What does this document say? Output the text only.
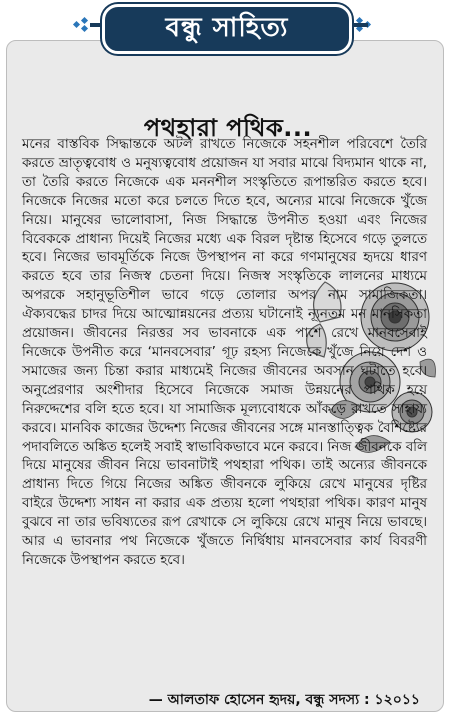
বন্ধু সাহিত্য
পথহারা পথিক...

মনের বাস্তবিক সিদ্ধান্তকে অটল রাখতে নিজেকে সহনশীল পরিবেশে তৈরি করতে ভ্রাতৃত্ববোধ ও মনুষ্যত্ববোধ প্রয়োজন যা সবার মাঝে বিদ্যমান থাকে না, তা তৈরি করতে নিজেকে এক মননশীল সংস্কৃতিতে রূপান্তরিত করতে হবে। নিজেকে নিজের মতো করে চলতে দিতে হবে, অন্যের মাঝে নিজেকে খুঁজে নিয়ে। মানুষের ভালোবাসা, নিজ সিদ্ধান্তে উপনীত হওয়া এবং নিজের বিবেককে প্রাধান্য দিয়েই নিজের মধ্যে এক বিরল দৃষ্টান্ত হিসেবে গড়ে তুলতে হবে। নিজের ভাবমূর্তিকে নিজে উপস্থাপন না করে গণমানুষের হৃদয়ে ধারণ করতে হবে তার নিজস্ব চেতনা দিয়ে। নিজস্ব সংস্কৃতিকে লালনের মাধ্যমে অপরকে সহানুভূতিশীল ভাবে গড়ে তোলার অপর নাম সামাজিকতা। ঐক্যবদ্ধের চাদর দিয়ে আত্মোন্নয়নের প্রত্যয় ঘটানোই ন্যূনতম মন মানসিকতা প্রয়োজন। জীবনের নিরত্তর সব ভাবনাকে এক পাশে রেখে মানবসেবাই নিজেকে উপনীত করে ‘মানবসেবার’ গূঢ় রহস্য নিজেকে খুঁজে নিয়ে দেশ ও সমাজের জন্য চিন্তা করার মাধ্যমেই নিজের জীবনের অবসান ঘটাতে হবে। অনুপ্রেরণার অংশীদার হিসেবে নিজেকে সমাজ উন্নয়নের পথিক হয়ে নিরুদ্দেশের বলি হতে হবে। যা সামাজিক মূল্যবোধকে আঁকড়ে রাখতে সাহায্য করবে। মানবিক কাজের উদ্দেশ্য নিজের জীবনের সঙ্গে মানস্তাত্ত্বিক বৈশিষ্ট্যের পদাবলিতে অঙ্কিত হলেই সবাই স্বাভাবিকভাবে মনে করবে। নিজ জীবনকে বলি দিয়ে মানুষের জীবন নিয়ে ভাবনাটাই পথহারা পথিক। তাই অন্যের জীবনকে প্রাধান্য দিতে গিয়ে নিজের অঙ্কিত জীবনকে লুকিয়ে রেখে মানুষের দৃষ্টির বাইরে উদ্দেশ্য সাধন না করার এক প্রত্যয় হলো পথহারা পথিক। কারণ মানুষ বুঝবে না তার ভবিষ্যতের রূপ রেখাকে সে লুকিয়ে রেখে মানুষ নিয়ে ভাবছে। আর এ ভাবনার পথ নিজেকে খুঁজতে নির্দ্বিধায় মানবসেবার কার্য বিবরণী নিজেকে উপস্থাপন করতে হবে।

— আলতাফ হোসেন হৃদয়, বন্ধু সদস্য : ১২০১১
